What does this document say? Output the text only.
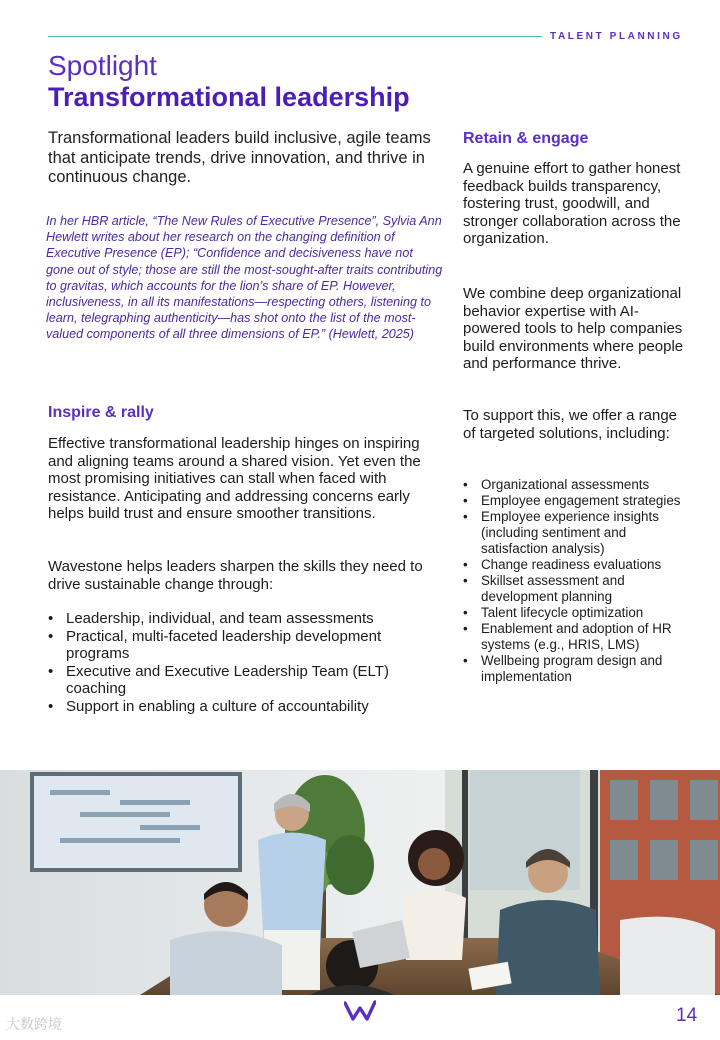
TALENT PLANNING
Spotlight
Transformational leadership
Transformational leaders build inclusive, agile teams that anticipate trends, drive innovation, and thrive in continuous change.
In her HBR article, “The New Rules of Executive Presence”, Sylvia Ann Hewlett writes about her research on the changing definition of Executive Presence (EP); “Confidence and decisiveness have not gone out of style; those are still the most-sought-after traits contributing to gravitas, which accounts for the lion’s share of EP. However, inclusiveness, in all its manifestations—respecting others, listening to learn, telegraphing authenticity—has shot onto the list of the most-valued components of all three dimensions of EP.” (Hewlett, 2025)
Inspire & rally
Effective transformational leadership hinges on inspiring and aligning teams around a shared vision. Yet even the most promising initiatives can stall when faced with resistance. Anticipating and addressing concerns early helps build trust and ensure smoother transitions.
Wavestone helps leaders sharpen the skills they need to drive sustainable change through:
• Leadership, individual, and team assessments
• Practical, multi-faceted leadership development programs
• Executive and Executive Leadership Team (ELT) coaching
• Support in enabling a culture of accountability
Retain & engage
A genuine effort to gather honest feedback builds transparency, fostering trust, goodwill, and stronger collaboration across the organization.
We combine deep organizational behavior expertise with AI-powered tools to help companies build environments where people and performance thrive.
To support this, we offer a range of targeted solutions, including:
• Organizational assessments
• Employee engagement strategies
• Employee experience insights (including sentiment and satisfaction analysis)
• Change readiness evaluations
• Skillset assessment and development planning
• Talent lifecycle optimization
• Enablement and adoption of HR systems (e.g., HRIS, LMS)
• Wellbeing program design and implementation
14
大数跨境
